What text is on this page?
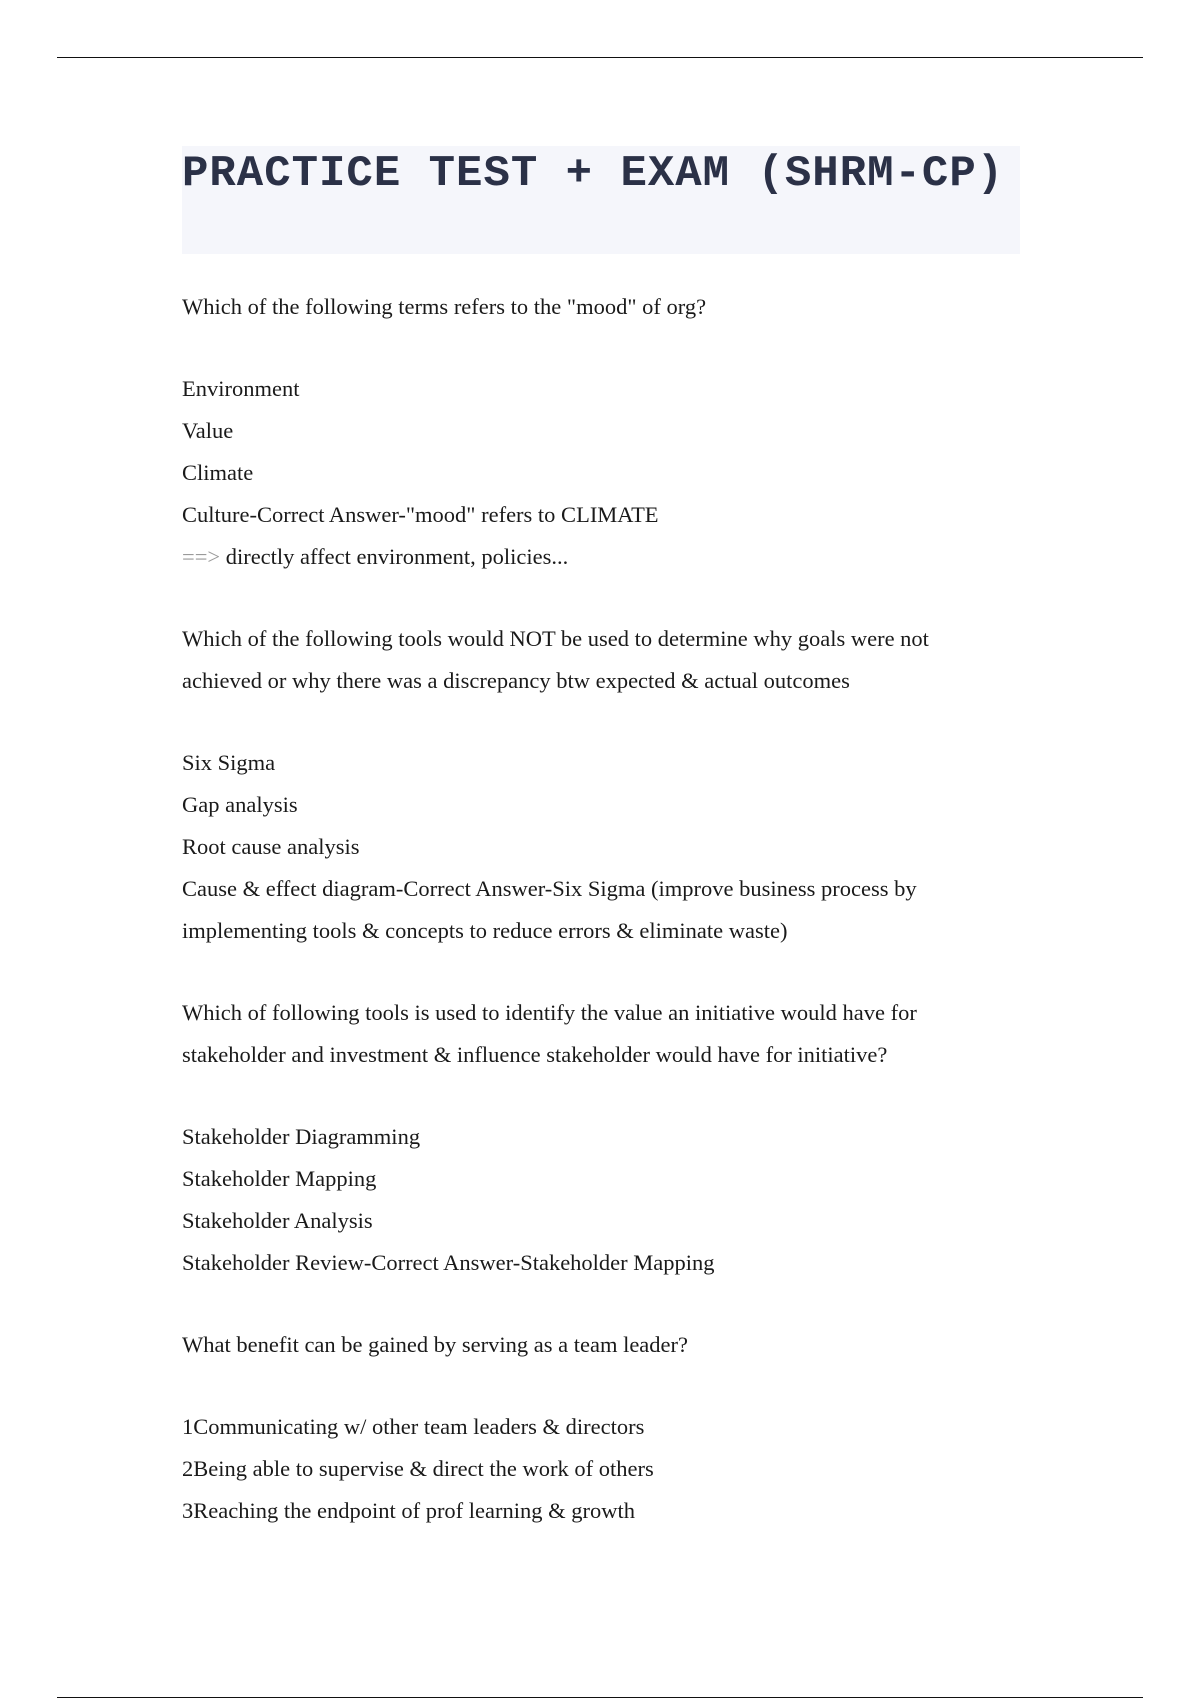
PRACTICE TEST + EXAM (SHRM-CP)

Which of the following terms refers to the "mood" of org?

Environment

Value

Climate

Culture-Correct Answer-"mood" refers to CLIMATE

==> directly affect environment, policies...

Which of the following tools would NOT be used to determine why goals were not

achieved or why there was a discrepancy btw expected & actual outcomes

Six Sigma

Gap analysis

Root cause analysis

Cause & effect diagram-Correct Answer-Six Sigma (improve business process by

implementing tools & concepts to reduce errors & eliminate waste)

Which of following tools is used to identify the value an initiative would have for

stakeholder and investment & influence stakeholder would have for initiative?

Stakeholder Diagramming

Stakeholder Mapping

Stakeholder Analysis

Stakeholder Review-Correct Answer-Stakeholder Mapping

What benefit can be gained by serving as a team leader?

1Communicating w/ other team leaders & directors

2Being able to supervise & direct the work of others

3Reaching the endpoint of prof learning & growth
